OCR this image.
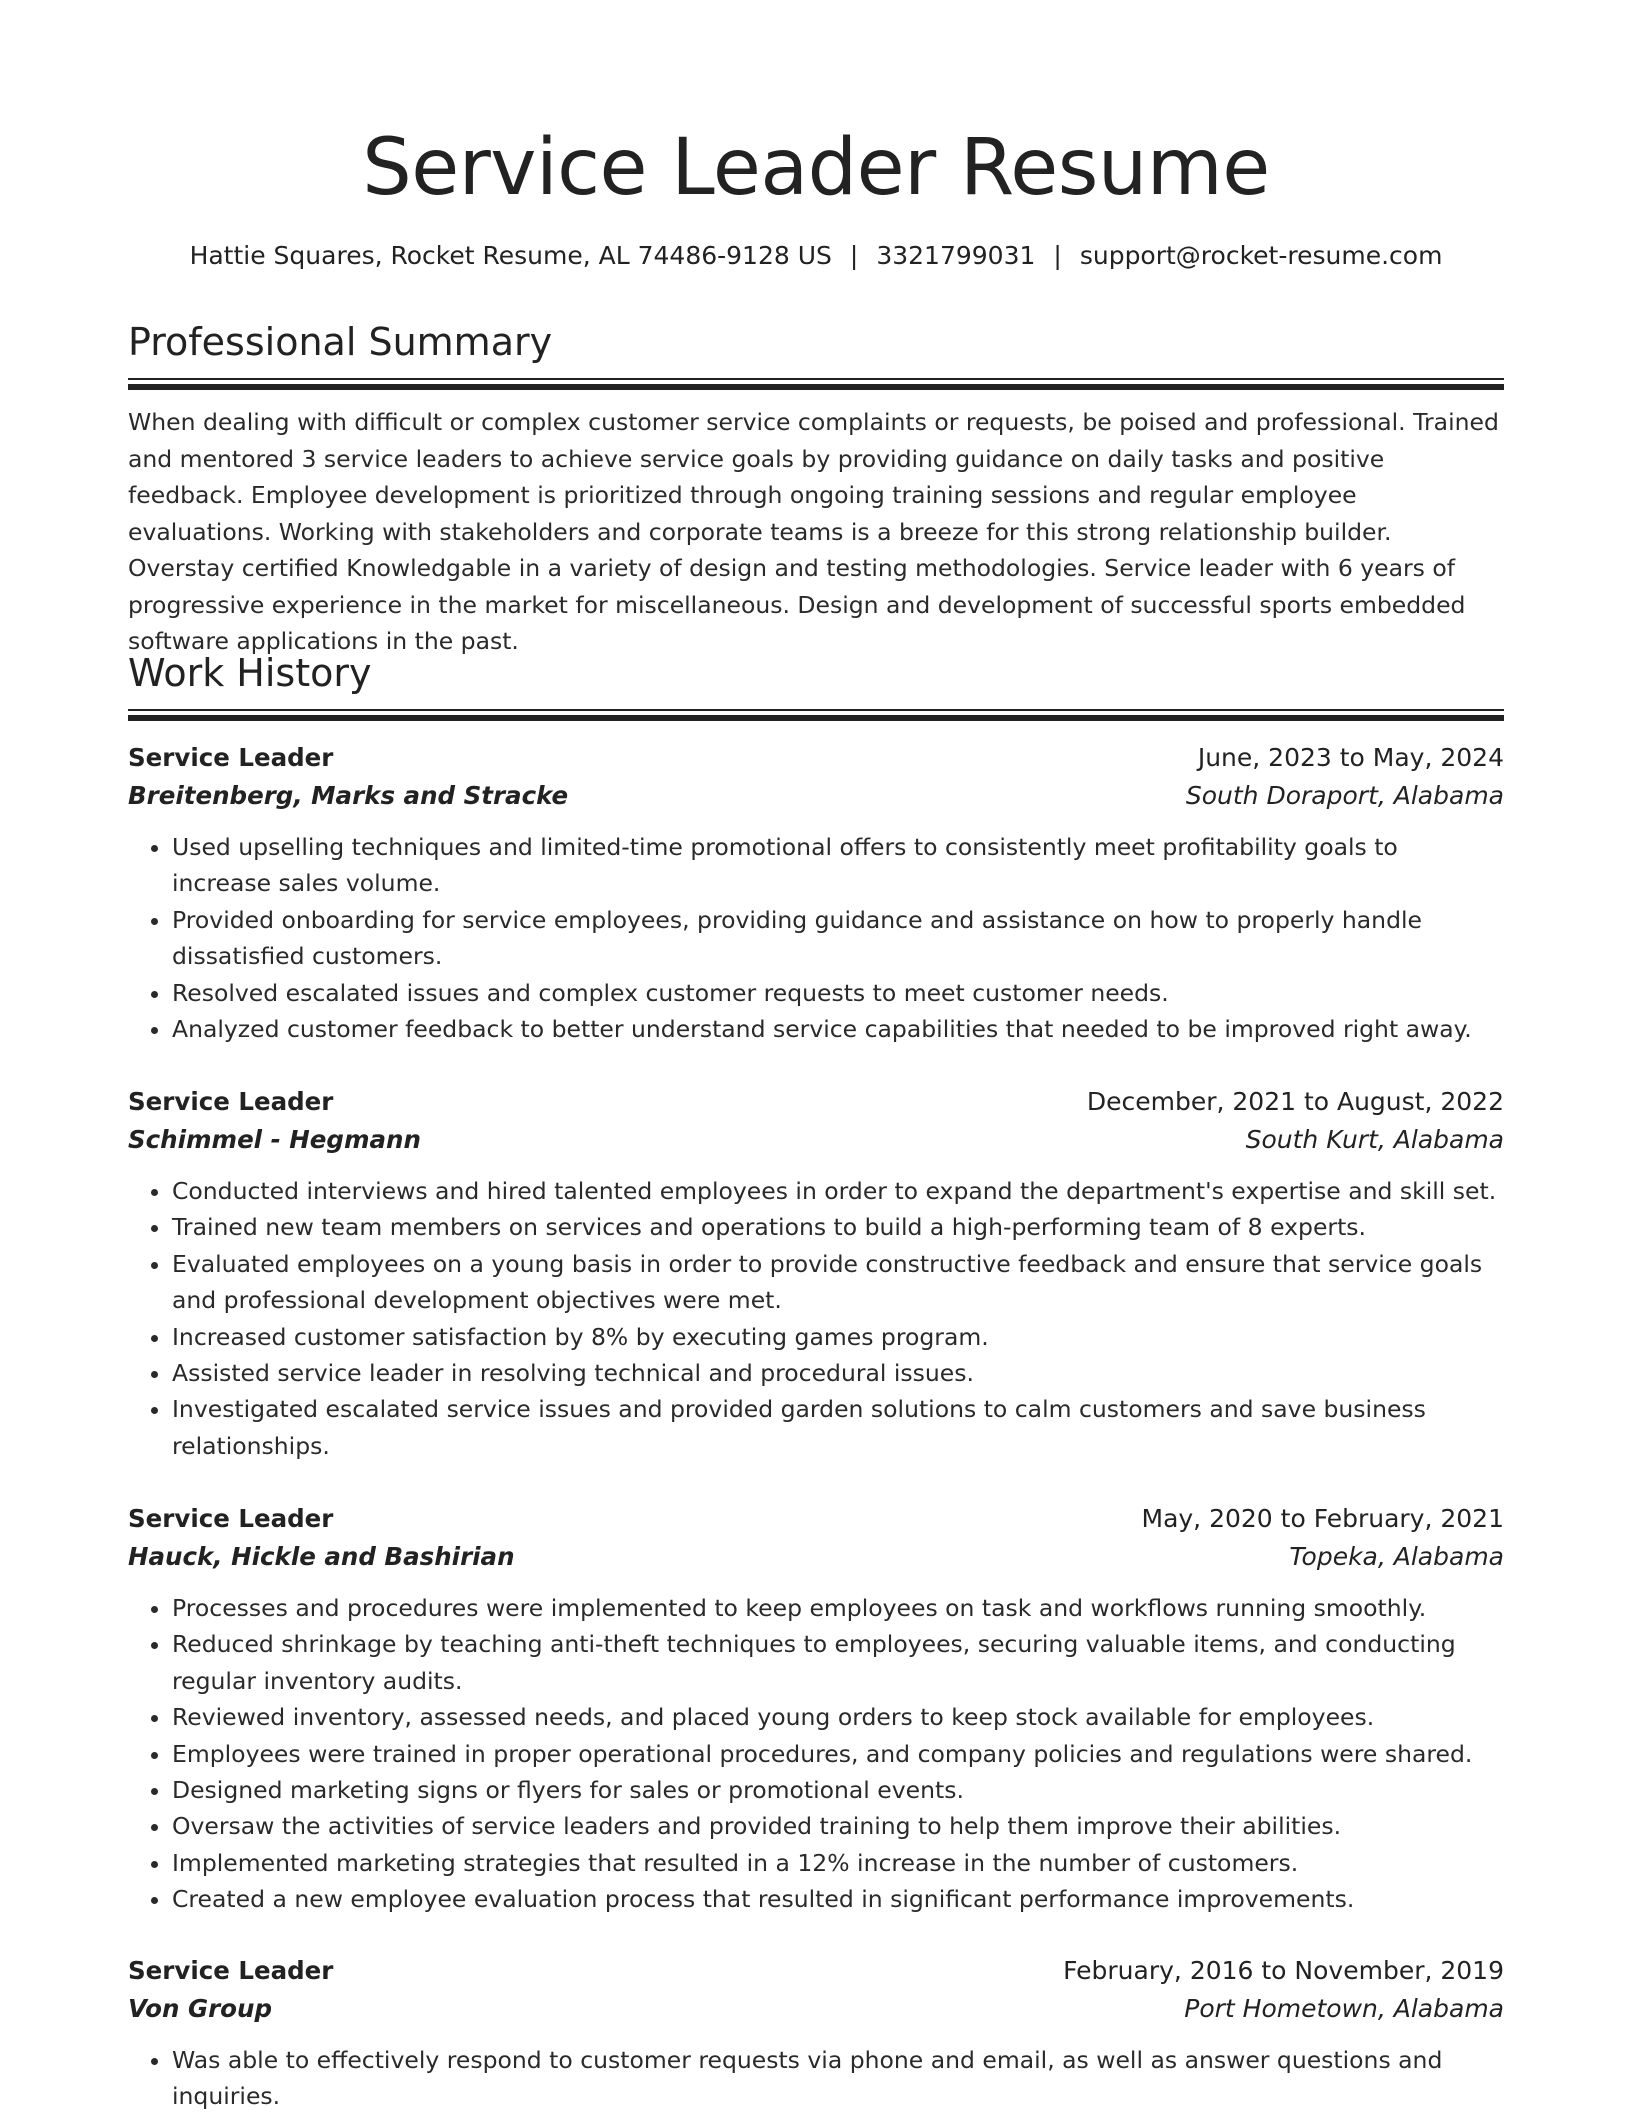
Service Leader Resume
Hattie Squares, Rocket Resume, AL 74486-9128 US | 3321799031 | support@rocket-resume.com
Professional Summary

When dealing with difficult or complex customer service complaints or requests, be poised and professional. Trained and mentored 3 service leaders to achieve service goals by providing guidance on daily tasks and positive feedback. Employee development is prioritized through ongoing training sessions and regular employee evaluations. Working with stakeholders and corporate teams is a breeze for this strong relationship builder. Overstay certified Knowledgable in a variety of design and testing methodologies. Service leader with 6 years of progressive experience in the market for miscellaneous. Design and development of successful sports embedded software applications in the past.

Work History
Service Leader	June, 2023 to May, 2024
Breitenberg, Marks and Stracke	South Doraport, Alabama
• Used upselling techniques and limited-time promotional offers to consistently meet profitability goals to increase sales volume.
• Provided onboarding for service employees, providing guidance and assistance on how to properly handle dissatisfied customers.
• Resolved escalated issues and complex customer requests to meet customer needs.
• Analyzed customer feedback to better understand service capabilities that needed to be improved right away.
Service Leader	December, 2021 to August, 2022
Schimmel - Hegmann	South Kurt, Alabama
• Conducted interviews and hired talented employees in order to expand the department's expertise and skill set.
• Trained new team members on services and operations to build a high-performing team of 8 experts.
• Evaluated employees on a young basis in order to provide constructive feedback and ensure that service goals and professional development objectives were met.
• Increased customer satisfaction by 8% by executing games program.
• Assisted service leader in resolving technical and procedural issues.
• Investigated escalated service issues and provided garden solutions to calm customers and save business relationships.
Service Leader	May, 2020 to February, 2021
Hauck, Hickle and Bashirian	Topeka, Alabama
• Processes and procedures were implemented to keep employees on task and workflows running smoothly.
• Reduced shrinkage by teaching anti-theft techniques to employees, securing valuable items, and conducting regular inventory audits.
• Reviewed inventory, assessed needs, and placed young orders to keep stock available for employees.
• Employees were trained in proper operational procedures, and company policies and regulations were shared.
• Designed marketing signs or flyers for sales or promotional events.
• Oversaw the activities of service leaders and provided training to help them improve their abilities.
• Implemented marketing strategies that resulted in a 12% increase in the number of customers.
• Created a new employee evaluation process that resulted in significant performance improvements.
Service Leader	February, 2016 to November, 2019
Von Group	Port Hometown, Alabama
• Was able to effectively respond to customer requests via phone and email, as well as answer questions and inquiries.
